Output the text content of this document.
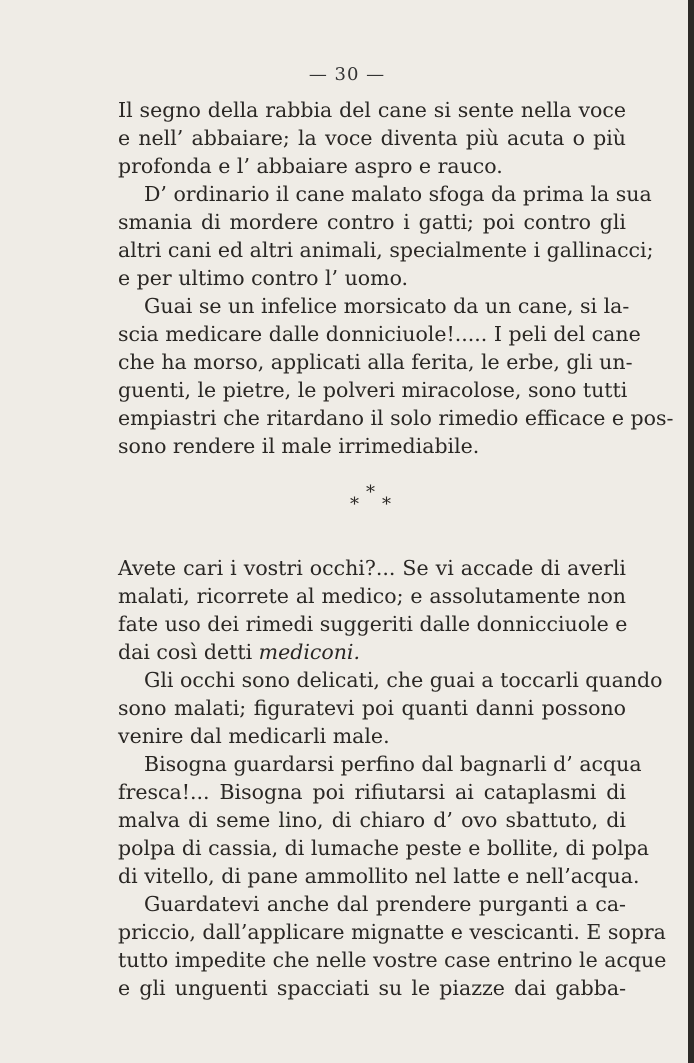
— 30 —
Il segno della rabbia del cane si sente nella voce
e nell’ abbaiare; la voce diventa più acuta o più
profonda e l’ abbaiare aspro e rauco.
D’ ordinario il cane malato sfoga da prima la sua
smania di mordere contro i gatti; poi contro gli
altri cani ed altri animali, specialmente i gallinacci;
e per ultimo contro l’ uomo.
Guai se un infelice morsicato da un cane, si la-
scia medicare dalle donniciuole!..... I peli del cane
che ha morso, applicati alla ferita, le erbe, gli un-
guenti, le pietre, le polveri miracolose, sono tutti
empiastri che ritardano il solo rimedio efficace e pos-
sono rendere il male irrimediabile.
*
* *
Avete cari i vostri occhi?... Se vi accade di averli
malati, ricorrete al medico; e assolutamente non
fate uso dei rimedi suggeriti dalle donnicciuole e
dai così detti mediconi.
Gli occhi sono delicati, che guai a toccarli quando
sono malati; figuratevi poi quanti danni possono
venire dal medicarli male.
Bisogna guardarsi perfino dal bagnarli d’ acqua
fresca!... Bisogna poi rifiutarsi ai cataplasmi di
malva di seme lino, di chiaro d’ ovo sbattuto, di
polpa di cassia, di lumache peste e bollite, di polpa
di vitello, di pane ammollito nel latte e nell’acqua.
Guardatevi anche dal prendere purganti a ca-
priccio, dall’applicare mignatte e vescicanti. E sopra
tutto impedite che nelle vostre case entrino le acque
e gli unguenti spacciati su le piazze dai gabba-
